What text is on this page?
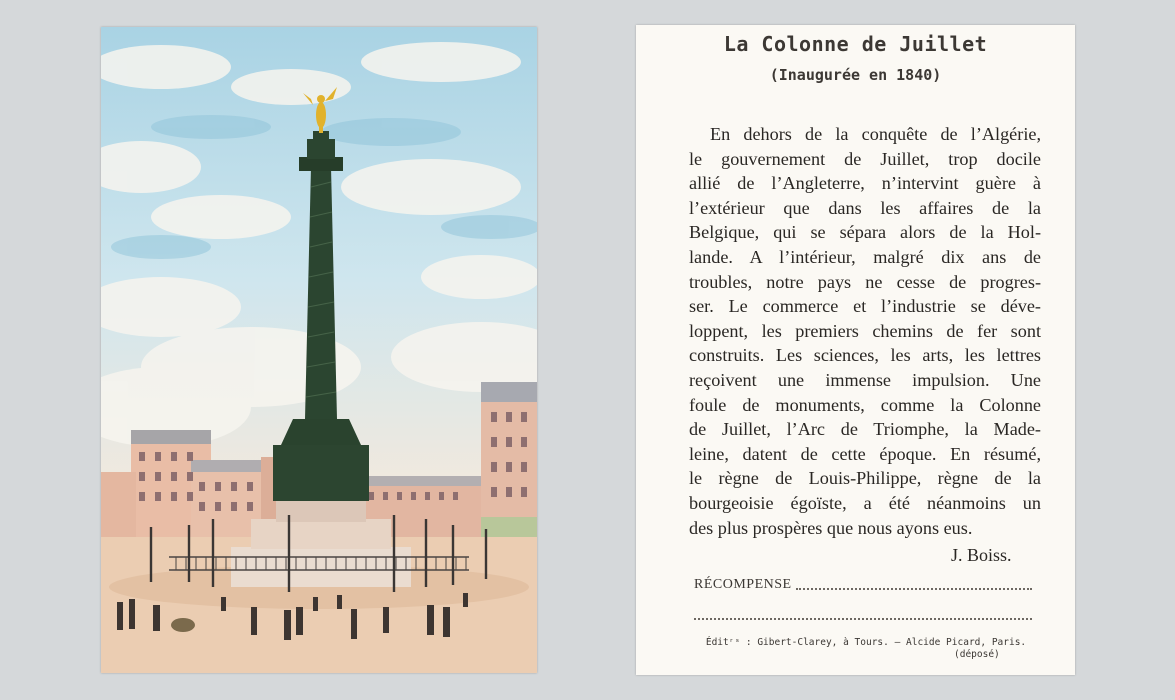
La Colonne de Juillet
(Inaugurée en 1840)
En dehors de la conquête de l’Algérie,
le gouvernement de Juillet, trop docile
allié de l’Angleterre, n’intervint guère à
l’extérieur que dans les affaires de la
Belgique, qui se sépara alors de la Hol-
lande. A l’intérieur, malgré dix ans de
troubles, notre pays ne cesse de progres-
ser. Le commerce et l’industrie se déve-
loppent, les premiers chemins de fer sont
construits. Les sciences, les arts, les lettres
reçoivent une immense impulsion. Une
foule de monuments, comme la Colonne
de Juillet, l’Arc de Triomphe, la Made-
leine, datent de cette époque. En résumé,
le règne de Louis-Philippe, règne de la
bourgeoisie égoïste, a été néanmoins un
des plus prospères que nous ayons eus.
J. Boiss.
RÉCOMPENSE
Éditʳˢ : Gibert-Clarey, à Tours. — Alcide Picard, Paris.
(déposé)
